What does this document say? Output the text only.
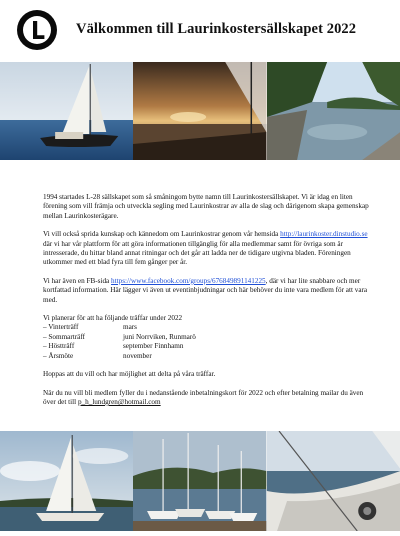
Välkommen till Laurinkostersällskapet 2022

1994 startades L-28 sällskapet som så småningom bytte namn till Laurinkostersällskapet. Vi är idag en liten förening som vill främja och utveckla segling med Laurinkostrar av alla de slag och därigenom skapa gemenskap mellan Laurinkosterägare.

Vi vill också sprida kunskap och kännedom om Laurinkostrar genom vår hemsida http://laurinkoster.dinstudio.se där vi har vår plattform för att göra informationen tillgänglig för alla medlemmar samt för övriga som är intresserade, du hittar bland annat ritningar och det går att ladda ner de tidigare utgivna bladen. Föreningen utkommer med ett blad fyra till fem gånger per år.

Vi har även en FB-sida https://www.facebook.com/groups/676849891141225, där vi har lite snabbare och mer kortfattad information. Här lägger vi även ut eventinbjudningar och här behöver du inte vara medlem för att vara med.

Vi planerar för att ha följande träffar under 2022
– Vinterträff	mars
– Sommarträff	juni Norrviken, Runmarö
– Höstträff	september Finnhamn
– Årsmöte	november

Hoppas att du vill och har möjlighet att delta på våra träffar.

När du nu vill bli medlem fyller du i nedanstående inbetalningskort för 2022 och efter betalning mailar du även över det till p_h_lundgren@hotmail.com
